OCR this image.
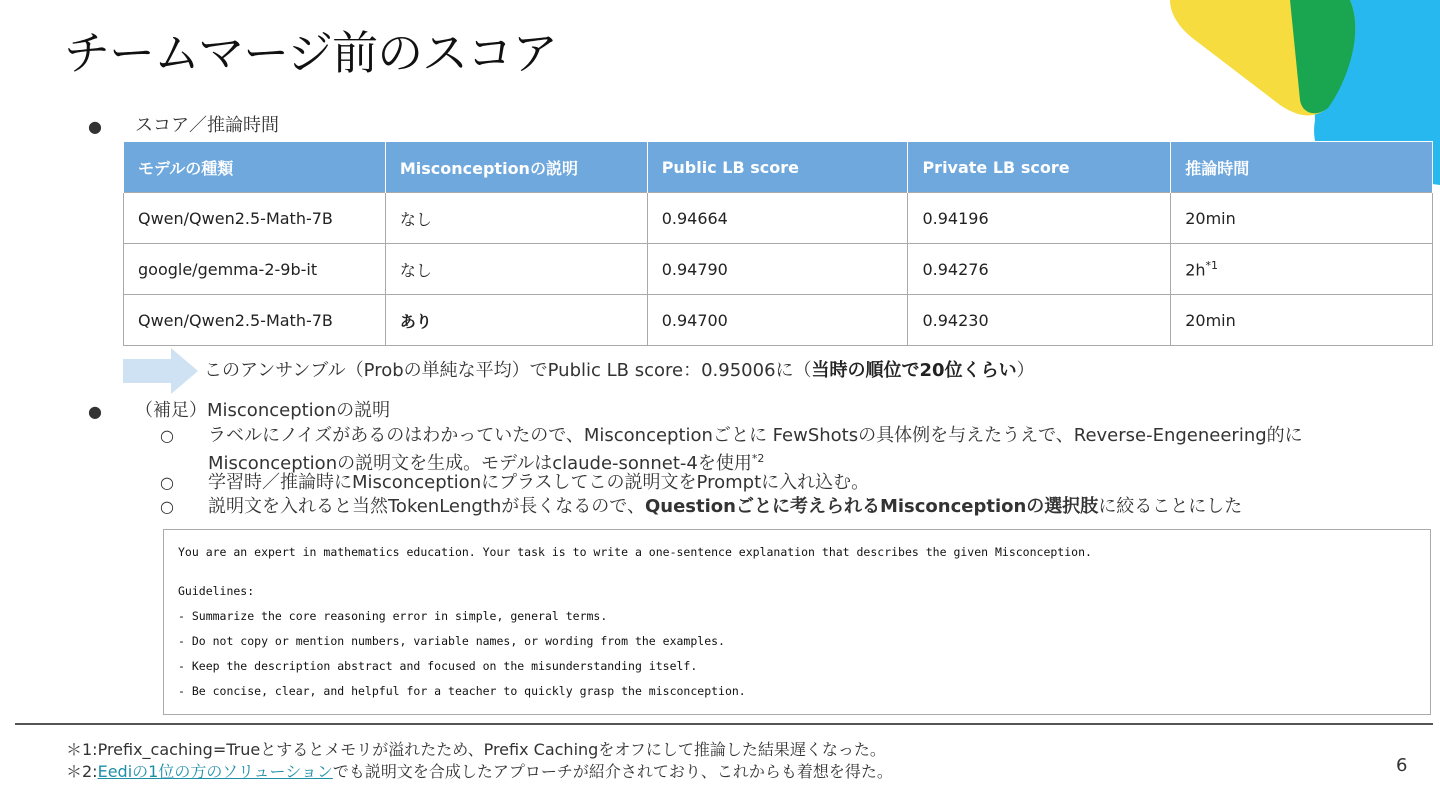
チームマージ前のスコア
● スコア／推論時間
モデルの種類	Misconceptionの説明	Public LB score	Private LB score	推論時間
Qwen/Qwen2.5-Math-7B	なし	0.94664	0.94196	20min
google/gemma-2-9b-it	なし	0.94790	0.94276	$2h^{*1}$
Qwen/Qwen2.5-Math-7B	あり	0.94700	0.94230	20min
このアンサンブル（Probの単純な平均）でPublic LB score：0.95006に（当時の順位で20位くらい）
● （補足）Misconceptionの説明
○ ラベルにノイズがあるのはわかっていたので、Misconceptionごとに FewShotsの具体例を与えたうえで、Reverse-Engeneering的にMisconceptionの説明文を生成。モデルはclaude-sonnet-4を使用$^{*2}$
○ 学習時／推論時にMisconceptionにプラスしてこの説明文をPromptに入れ込む。
○ 説明文を入れると当然TokenLengthが長くなるので、Questionごとに考えられるMisconceptionの選択肢に絞ることにした
You are an expert in mathematics education. Your task is to write a one-sentence explanation that describes the given Misconception.
Guidelines:
- Summarize the core reasoning error in simple, general terms.
- Do not copy or mention numbers, variable names, or wording from the examples.
- Keep the description abstract and focused on the misunderstanding itself.
- Be concise, clear, and helpful for a teacher to quickly grasp the misconception.
＊1:Prefix_caching=Trueとするとメモリが溢れたため、Prefix Cachingをオフにして推論した結果遅くなった。
＊2:Eediの1位の方のソリューションでも説明文を合成したアプローチが紹介されており、これからも着想を得た。	6
